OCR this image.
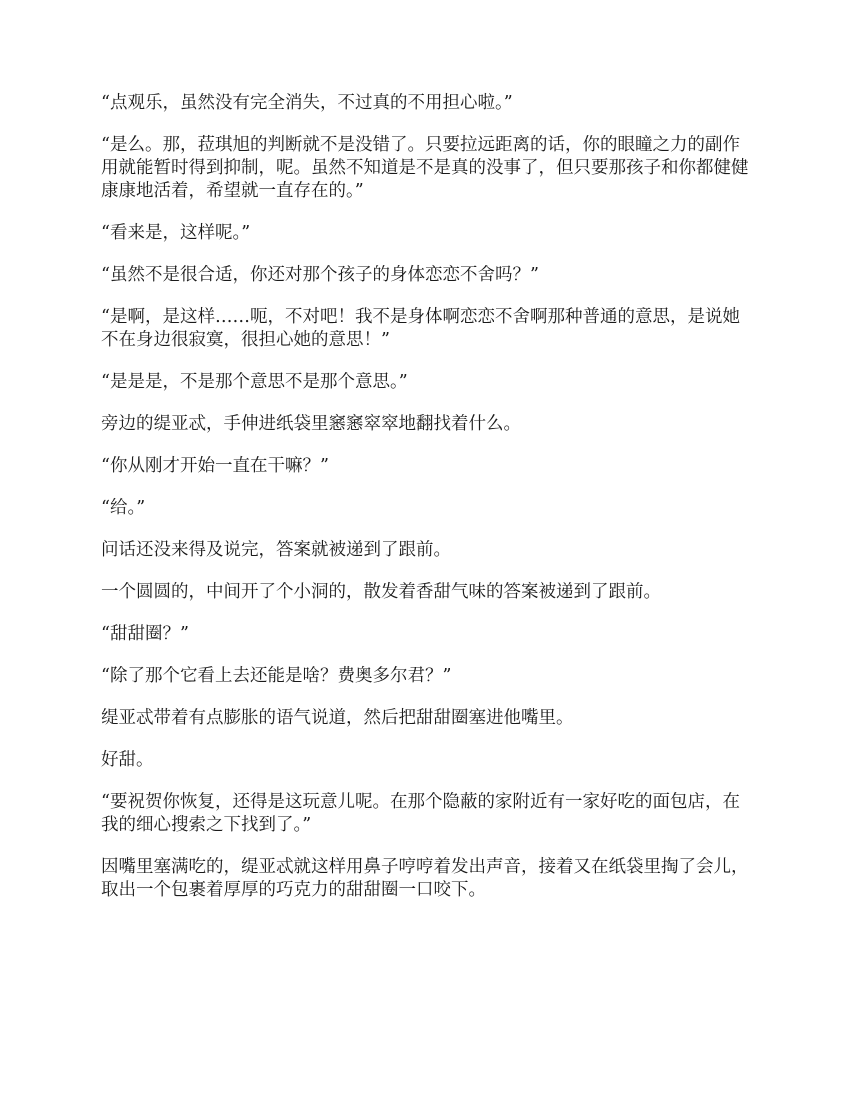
“点观乐，虽然没有完全消失，不过真的不用担心啦。”

“是么。那，菈琪旭的判断就不是没错了。只要拉远距离的话，你的眼瞳之力的副作用就能暂时得到抑制，呢。虽然不知道是不是真的没事了，但只要那孩子和你都健健康康地活着，希望就一直存在的。”

“看来是，这样呢。”

“虽然不是很合适，你还对那个孩子的身体恋恋不舍吗？”

“是啊，是这样……呃，不对吧！我不是身体啊恋恋不舍啊那种普通的意思，是说她不在身边很寂寞，很担心她的意思！”

“是是是，不是那个意思不是那个意思。”

旁边的缇亚忒，手伸进纸袋里窸窸窣窣地翻找着什么。

“你从刚才开始一直在干嘛？”

“给。”

问话还没来得及说完，答案就被递到了跟前。

一个圆圆的，中间开了个小洞的，散发着香甜气味的答案被递到了跟前。

“甜甜圈？”

“除了那个它看上去还能是啥？费奥多尔君？”

缇亚忒带着有点膨胀的语气说道，然后把甜甜圈塞进他嘴里。

好甜。

“要祝贺你恢复，还得是这玩意儿呢。在那个隐蔽的家附近有一家好吃的面包店，在我的细心搜索之下找到了。”

因嘴里塞满吃的，缇亚忒就这样用鼻子哼哼着发出声音，接着又在纸袋里掏了会儿，取出一个包裹着厚厚的巧克力的甜甜圈一口咬下。
